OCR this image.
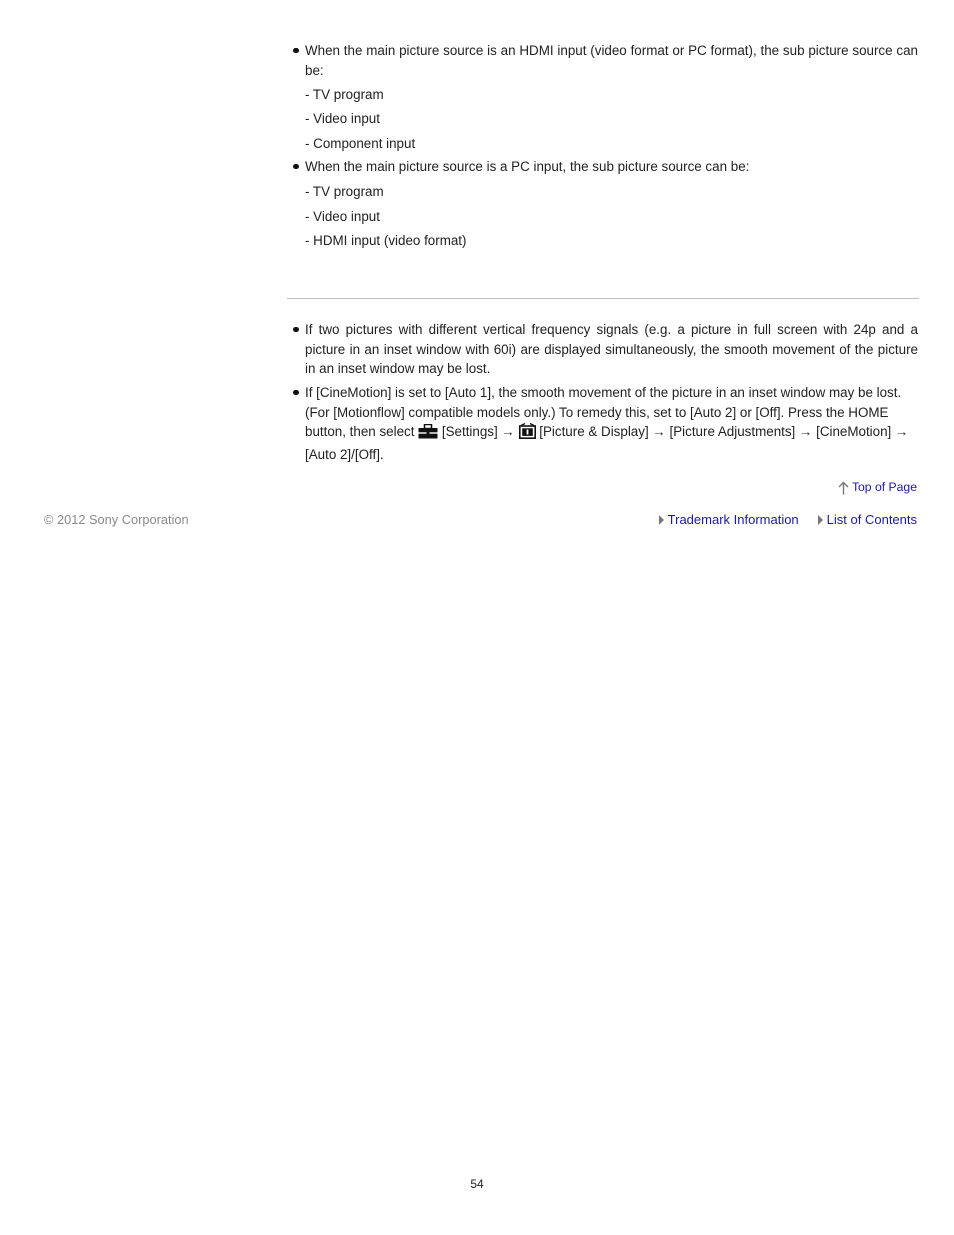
When the main picture source is an HDMI input (video format or PC format), the sub picture source can be:
- TV program
- Video input
- Component input
When the main picture source is a PC input, the sub picture source can be:
- TV program
- Video input
- HDMI input (video format)
If two pictures with different vertical frequency signals (e.g. a picture in full screen with 24p and a picture in an inset window with 60i) are displayed simultaneously, the smooth movement of the picture in an inset window may be lost.
If [CineMotion] is set to [Auto 1], the smooth movement of the picture in an inset window may be lost. (For [Motionflow] compatible models only.) To remedy this, set to [Auto 2] or [Off]. Press the HOME button, then select  [Settings] →  [Picture & Display] → [Picture Adjustments] → [CineMotion] → [Auto 2]/[Off].
Top of Page
© 2012 Sony Corporation	Trademark Information List of Contents
54
